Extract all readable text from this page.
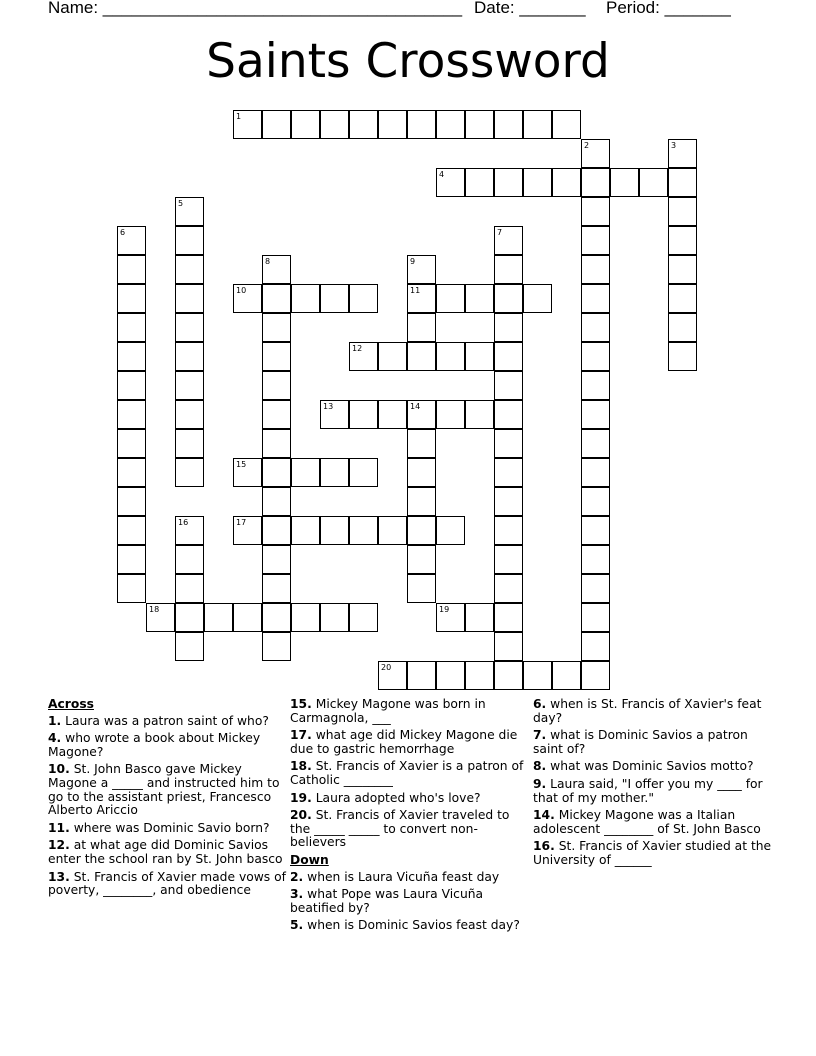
Name: ______________________________________ Date: _______ Period: _______
Saints Crossword
1
2	3
4
5
6	7
8	9
11
10
12
13	14
15
16	17
18	19
20
Across
1. Laura was a patron saint of who?
4. who wrote a book about Mickey Magone?
10. St. John Basco gave Mickey Magone a _____ and instructed him to go to the assistant priest, Francesco Alberto Ariccio
11. where was Dominic Savio born?
12. at what age did Dominic Savios enter the school ran by St. John basco
13. St. Francis of Xavier made vows of poverty, ________, and obedience
15. Mickey Magone was born in Carmagnola, ___
17. what age did Mickey Magone die due to gastric hemorrhage
18. St. Francis of Xavier is a patron of Catholic ________
19. Laura adopted who's love?
20. St. Francis of Xavier traveled to the _____ _____ to convert non-believers
Down
2. when is Laura Vicuña feast day
3. what Pope was Laura Vicuña beatified by?
5. when is Dominic Savios feast day?
6. when is St. Francis of Xavier's feat day?
7. what is Dominic Savios a patron saint of?
8. what was Dominic Savios motto?
9. Laura said, "I offer you my ____ for that of my mother."
14. Mickey Magone was a Italian adolescent ________ of St. John Basco
16. St. Francis of Xavier studied at the University of ______
